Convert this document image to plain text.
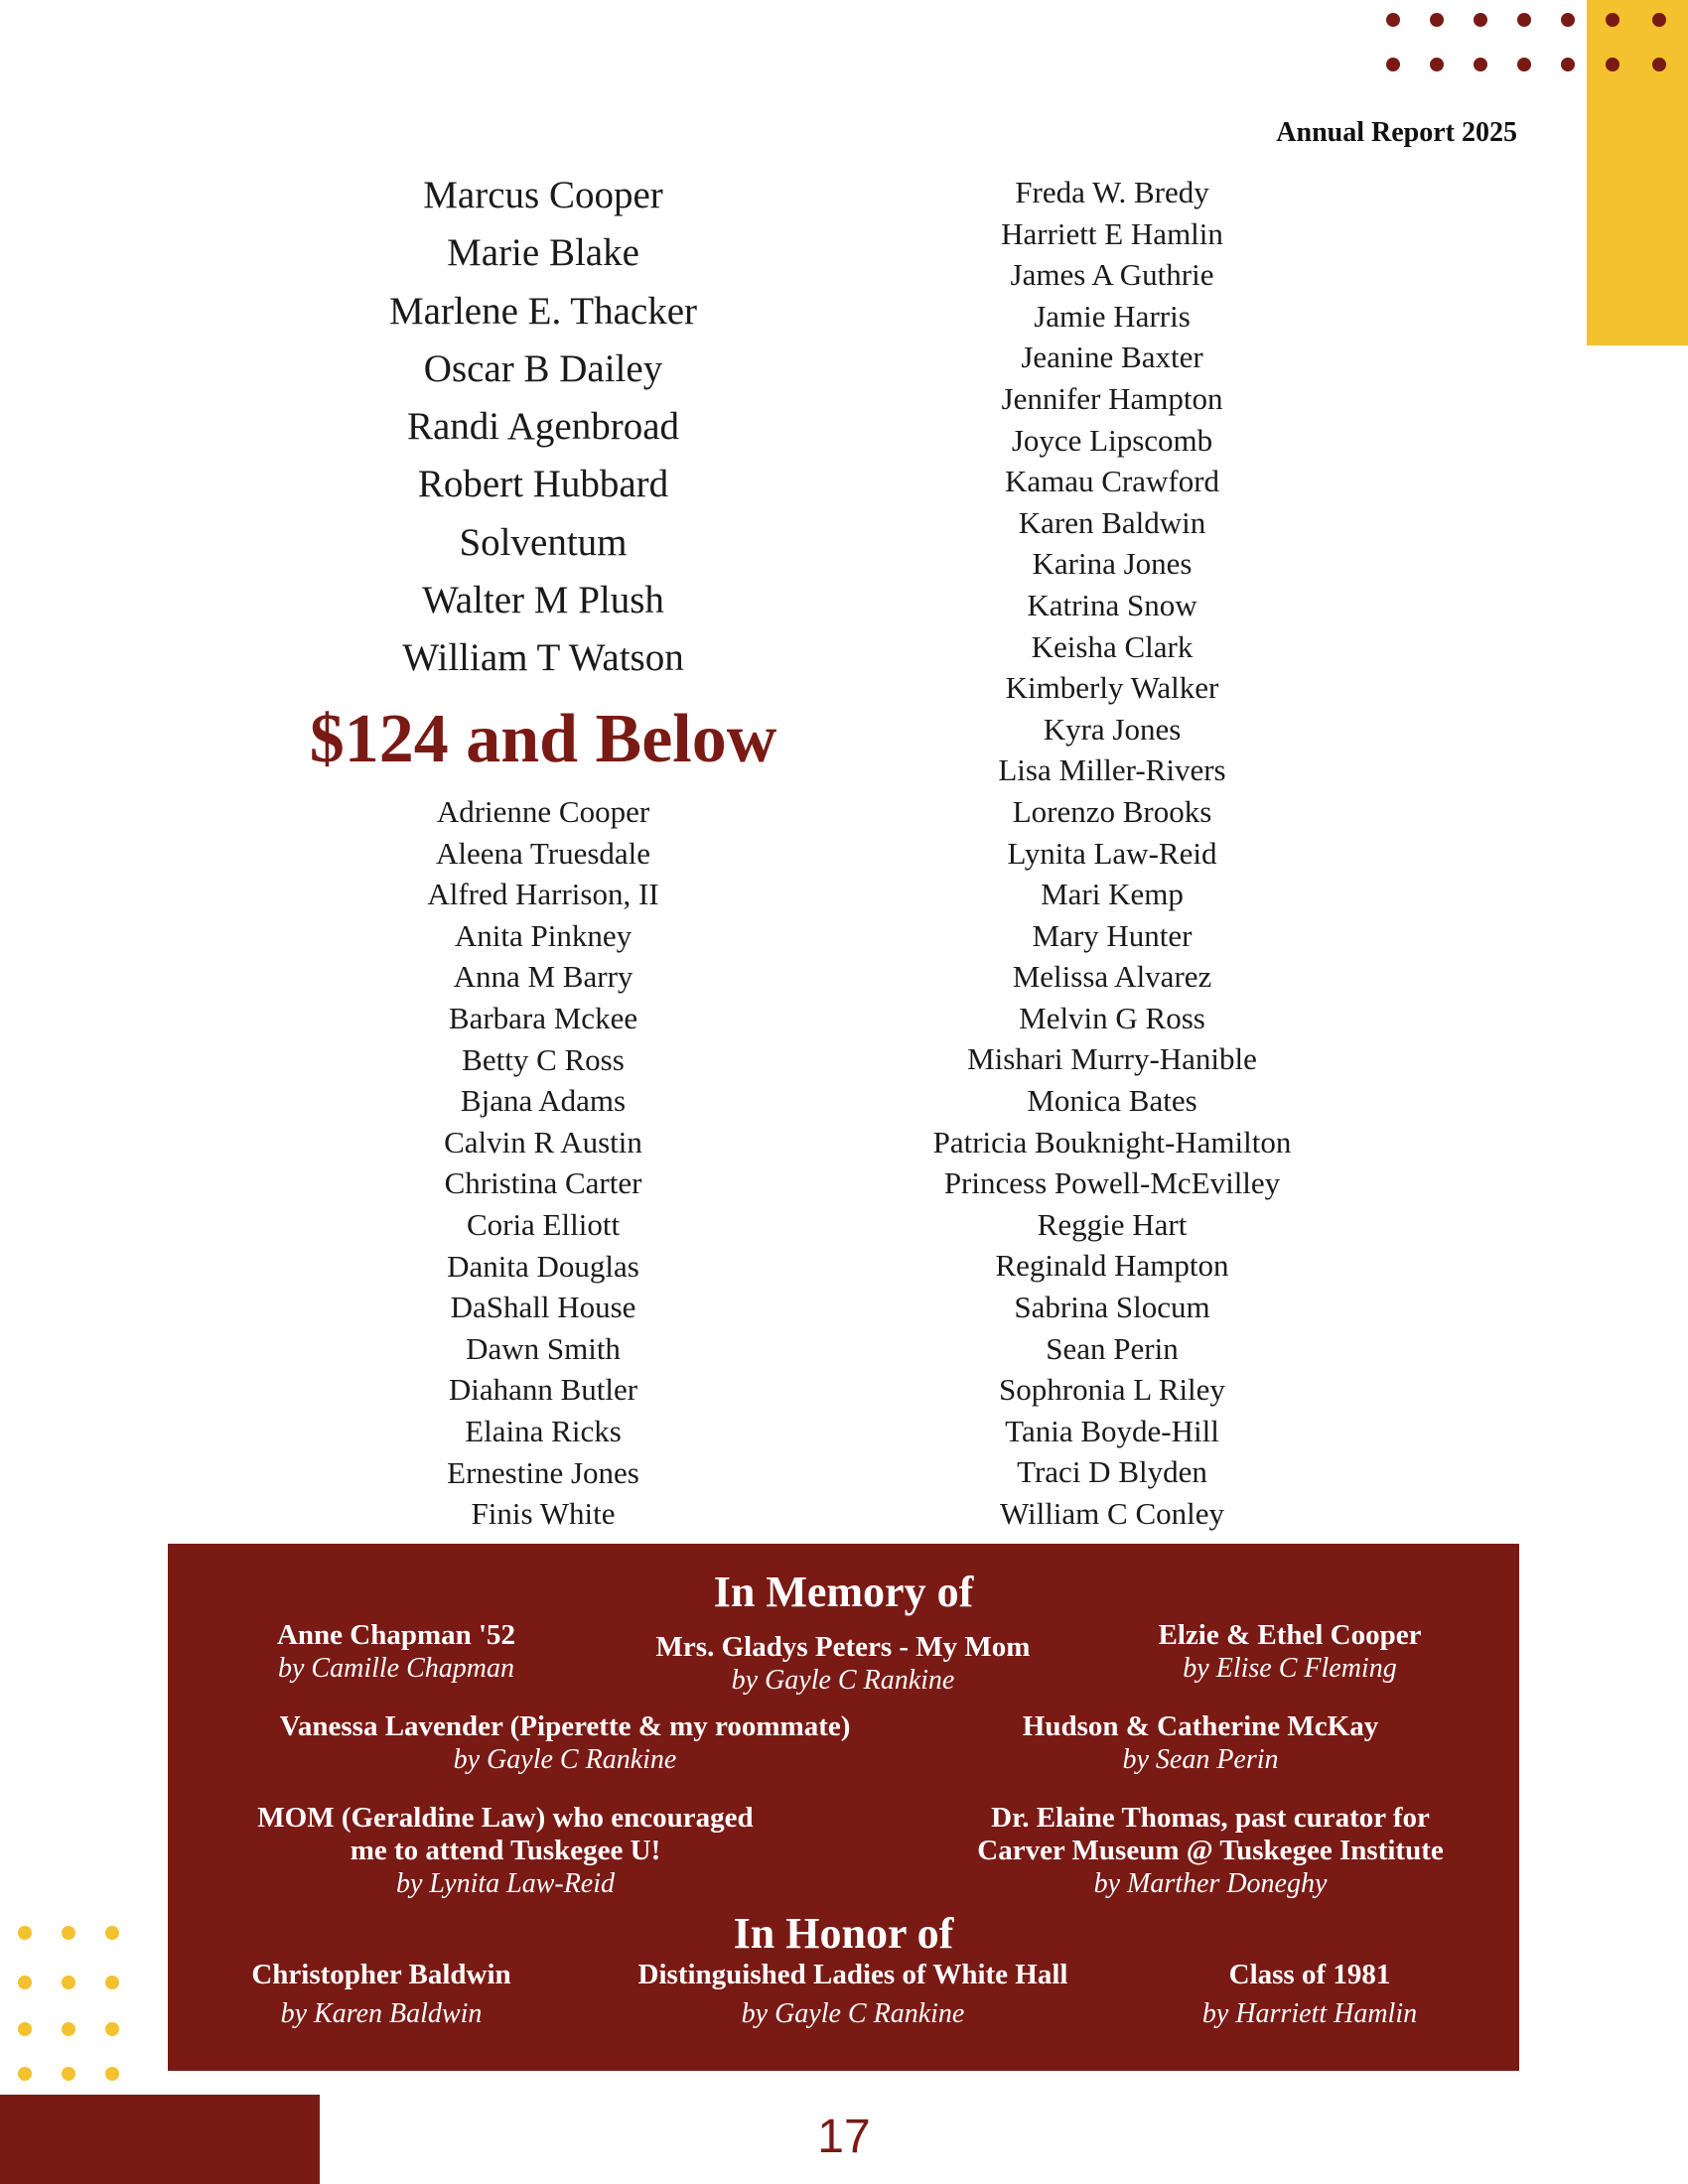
Annual Report 2025
Marcus Cooper
Marie Blake
Marlene E. Thacker
Oscar B Dailey
Randi Agenbroad
Robert Hubbard
Solventum
Walter M Plush
William T Watson
$124 and Below
Adrienne Cooper
Aleena Truesdale
Alfred Harrison, II
Anita Pinkney
Anna M Barry
Barbara Mckee
Betty C Ross
Bjana Adams
Calvin R Austin
Christina Carter
Coria Elliott
Danita Douglas
DaShall House
Dawn Smith
Diahann Butler
Elaina Ricks
Ernestine Jones
Finis White
Freda W. Bredy
Harriett E Hamlin
James A Guthrie
Jamie Harris
Jeanine Baxter
Jennifer Hampton
Joyce Lipscomb
Kamau Crawford
Karen Baldwin
Karina Jones
Katrina Snow
Keisha Clark
Kimberly Walker
Kyra Jones
Lisa Miller-Rivers
Lorenzo Brooks
Lynita Law-Reid
Mari Kemp
Mary Hunter
Melissa Alvarez
Melvin G Ross
Mishari Murry-Hanible
Monica Bates
Patricia Bouknight-Hamilton
Princess Powell-McEvilley
Reggie Hart
Reginald Hampton
Sabrina Slocum
Sean Perin
Sophronia L Riley
Tania Boyde-Hill
Traci D Blyden
William C Conley
In Memory of
Anne Chapman '52
by Camille Chapman
Mrs. Gladys Peters - My Mom
by Gayle C Rankine
Elzie & Ethel Cooper
by Elise C Fleming
Vanessa Lavender (Piperette & my roommate)
by Gayle C Rankine
Hudson & Catherine McKay
by Sean Perin
MOM (Geraldine Law) who encouraged
me to attend Tuskegee U!
by Lynita Law-Reid
Dr. Elaine Thomas, past curator for
Carver Museum @ Tuskegee Institute
by Marther Doneghy
In Honor of
Christopher Baldwin
by Karen Baldwin
Distinguished Ladies of White Hall
by Gayle C Rankine
Class of 1981
by Harriett Hamlin
17
